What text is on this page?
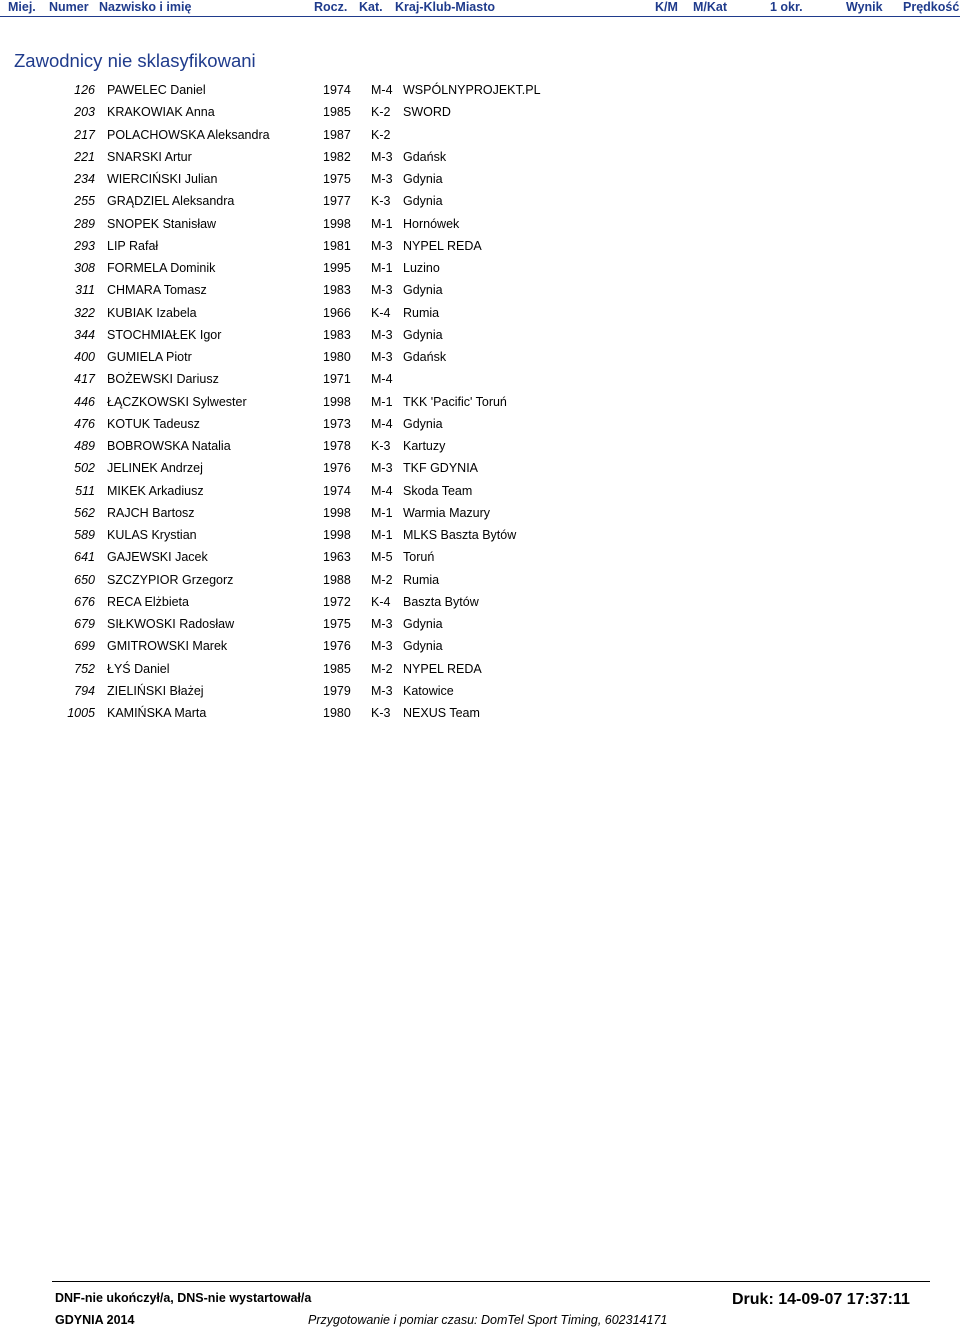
Miej. Numer Nazwisko i imię	Rocz. Kat. Kraj-Klub-Miasto	K/M M/Kat	1 okr.	Wynik Prędkość
Zawodnicy nie sklasyfikowani
126 PAWELEC Daniel	1974 M-4 WSPÓLNYPROJEKT.PL
203 KRAKOWIAK Anna	1985 K-2 SWORD
217 POLACHOWSKA Aleksandra	1987 K-2
221 SNARSKI Artur	1982 M-3 Gdańsk
234 WIERCIŃSKI Julian	1975 M-3 Gdynia
255 GRĄDZIEL Aleksandra	1977 K-3 Gdynia
289 SNOPEK Stanisław	1998 M-1 Hornówek
293 LIP Rafał	1981 M-3 NYPEL REDA
308 FORMELA Dominik	1995 M-1 Luzino
311 CHMARA Tomasz	1983 M-3 Gdynia
322 KUBIAK Izabela	1966 K-4 Rumia
344 STOCHMIAŁEK Igor	1983 M-3 Gdynia
400 GUMIELA Piotr	1980 M-3 Gdańsk
417 BOŻEWSKI Dariusz	1971 M-4
446 ŁĄCZKOWSKI Sylwester	1998 M-1 TKK 'Pacific' Toruń
476 KOTUK Tadeusz	1973 M-4 Gdynia
489 BOBROWSKA Natalia	1978 K-3 Kartuzy
502 JELINEK Andrzej	1976 M-3 TKF GDYNIA
511 MIKEK Arkadiusz	1974 M-4 Skoda Team
562 RAJCH Bartosz	1998 M-1 Warmia Mazury
589 KULAS Krystian	1998 M-1 MLKS Baszta Bytów
641 GAJEWSKI Jacek	1963 M-5 Toruń
650 SZCZYPIOR Grzegorz	1988 M-2 Rumia
676 RECA Elżbieta	1972 K-4 Baszta Bytów
679 SIŁKWOSKI Radosław	1975 M-3 Gdynia
699 GMITROWSKI Marek	1976 M-3 Gdynia
752 ŁYŚ Daniel	1985 M-2 NYPEL REDA
794 ZIELIŃSKI Błażej	1979 M-3 Katowice
1005 KAMIŃSKA Marta	1980 K-3 NEXUS Team
DNF-nie ukończył/a, DNS-nie wystartował/a
GDYNIA 2014	Przygotowanie i pomiar czasu: DomTel Sport Timing, 602314171
Druk: 14-09-07 17:37:11
